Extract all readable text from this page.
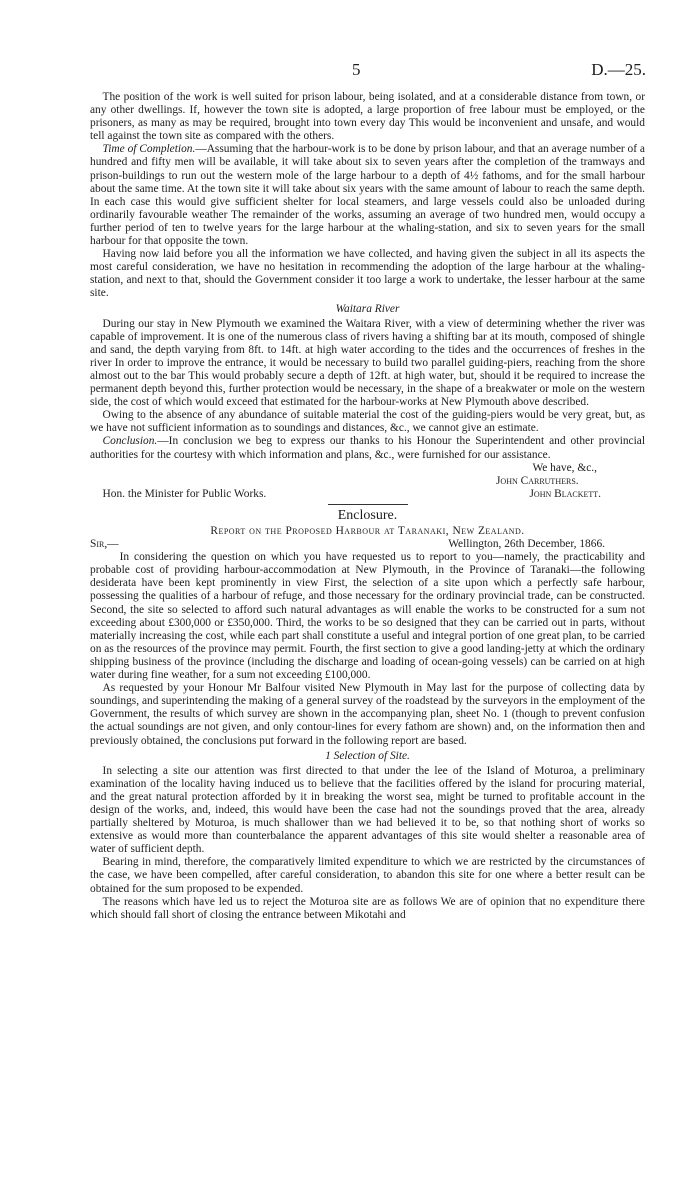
5	D.—25.

The position of the work is well suited for prison labour, being isolated, and at a considerable distance from town, or any other dwellings. If, however the town site is adopted, a large proportion of free labour must be employed, or the prisoners, as many as may be required, brought into town every day This would be inconvenient and unsafe, and would tell against the town site as compared with the others.

Time of Completion.—Assuming that the harbour-work is to be done by prison labour, and that an average number of a hundred and fifty men will be available, it will take about six to seven years after the completion of the tramways and prison-buildings to run out the western mole of the large harbour to a depth of 4½ fathoms, and for the small harbour about the same time. At the town site it will take about six years with the same amount of labour to reach the same depth. In each case this would give sufficient shelter for local steamers, and large vessels could also be unloaded during ordinarily favourable weather The remainder of the works, assuming an average of two hundred men, would occupy a further period of ten to twelve years for the large harbour at the whaling-station, and six to seven years for the small harbour for that opposite the town.

Having now laid before you all the information we have collected, and having given the subject in all its aspects the most careful consideration, we have no hesitation in recommending the adoption of the large harbour at the whaling-station, and next to that, should the Government consider it too large a work to undertake, the lesser harbour at the same site.

Waitara River

During our stay in New Plymouth we examined the Waitara River, with a view of determining whether the river was capable of improvement. It is one of the numerous class of rivers having a shifting bar at its mouth, composed of shingle and sand, the depth varying from 8ft. to 14ft. at high water according to the tides and the occurrences of freshes in the river In order to improve the entrance, it would be necessary to build two parallel guiding-piers, reaching from the shore almost out to the bar This would probably secure a depth of 12ft. at high water, but, should it be required to increase the permanent depth beyond this, further protection would be necessary, in the shape of a breakwater or mole on the western side, the cost of which would exceed that estimated for the harbour-works at New Plymouth above described.

Owing to the absence of any abundance of suitable material the cost of the guiding-piers would be very great, but, as we have not sufficient information as to soundings and distances, &c., we cannot give an estimate.

Conclusion.—In conclusion we beg to express our thanks to his Honour the Superintendent and other provincial authorities for the courtesy with which information and plans, &c., were furnished for our assistance.

We have, &c.,
John Carruthers.
Hon. the Minister for Public Works.	John Blackett.
Enclosure.
Report on the Proposed Harbour at Taranaki, New Zealand.
Sir,—	Wellington, 26th December, 1866.

In considering the question on which you have requested us to report to you—namely, the practicability and probable cost of providing harbour-accommodation at New Plymouth, in the Province of Taranaki—the following desiderata have been kept prominently in view First, the selection of a site upon which a perfectly safe harbour, possessing the qualities of a harbour of refuge, and those necessary for the ordinary provincial trade, can be constructed. Second, the site so selected to afford such natural advantages as will enable the works to be constructed for a sum not exceeding about £300,000 or £350,000. Third, the works to be so designed that they can be carried out in parts, without materially increasing the cost, while each part shall constitute a useful and integral portion of one great plan, to be carried on as the resources of the province may permit. Fourth, the first section to give a good landing-jetty at which the ordinary shipping business of the province (including the discharge and loading of ocean-going vessels) can be carried on at high water during fine weather, for a sum not exceeding £100,000.

As requested by your Honour Mr Balfour visited New Plymouth in May last for the purpose of collecting data by soundings, and superintending the making of a general survey of the roadstead by the surveyors in the employment of the Government, the results of which survey are shown in the accompanying plan, sheet No. 1 (though to prevent confusion the actual soundings are not given, and only contour-lines for every fathom are shown) and, on the information then and previously obtained, the conclusions put forward in the following report are based.

1 Selection of Site.

In selecting a site our attention was first directed to that under the lee of the Island of Moturoa, a preliminary examination of the locality having induced us to believe that the facilities offered by the island for procuring material, and the great natural protection afforded by it in breaking the worst sea, might be turned to profitable account in the design of the works, and, indeed, this would have been the case had not the soundings proved that the area, already partially sheltered by Moturoa, is much shallower than we had believed it to be, so that nothing short of works so extensive as would more than counterbalance the apparent advantages of this site would shelter a reasonable area of water of sufficient depth.

Bearing in mind, therefore, the comparatively limited expenditure to which we are restricted by the circumstances of the case, we have been compelled, after careful consideration, to abandon this site for one where a better result can be obtained for the sum proposed to be expended.

The reasons which have led us to reject the Moturoa site are as follows We are of opinion that no expenditure there which should fall short of closing the entrance between Mikotahi and
